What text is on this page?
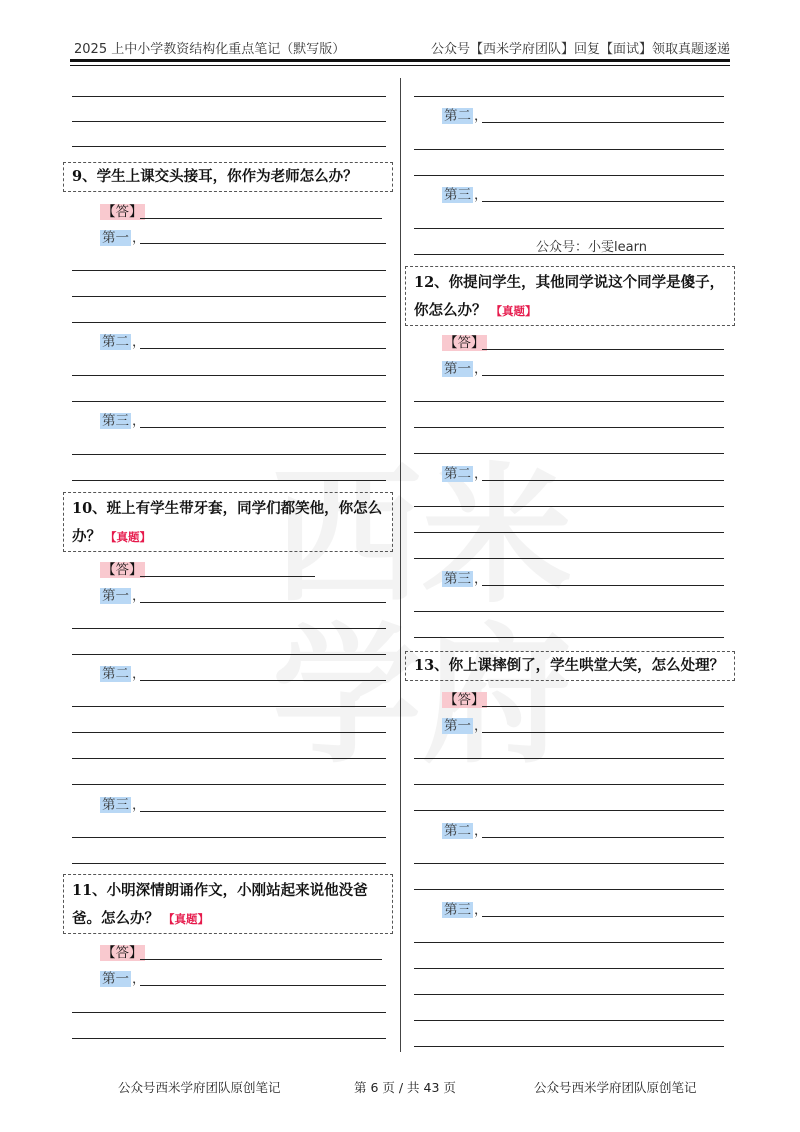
2025 上中小学教资结构化重点笔记（默写版）	公众号【西米学府团队】回复【面试】领取真题逐递
9、学生上课交头接耳，你作为老师怎么办？
【答】
第一 ，
第二 ，
第三 ，
10、班上有学生带牙套，同学们都笑他，你怎么办？ 【真题】
【答】
第一 ，
第二 ，
第三 ，
11、小明深情朗诵作文，小刚站起来说他没爸爸。怎么办？ 【真题】
【答】
第一 ，
第二 ，
第三 ，
公众号：小雯learn
12、你提问学生，其他同学说这个同学是傻子，你怎么办？ 【真题】
【答】
第一 ，
第二 ，
第三 ，
13、你上课摔倒了，学生哄堂大笑，怎么处理？
【答】
第一 ，
第二 ，
第三 ，
公众号西米学府团队原创笔记	第 6 页 / 共 43 页	公众号西米学府团队原创笔记
